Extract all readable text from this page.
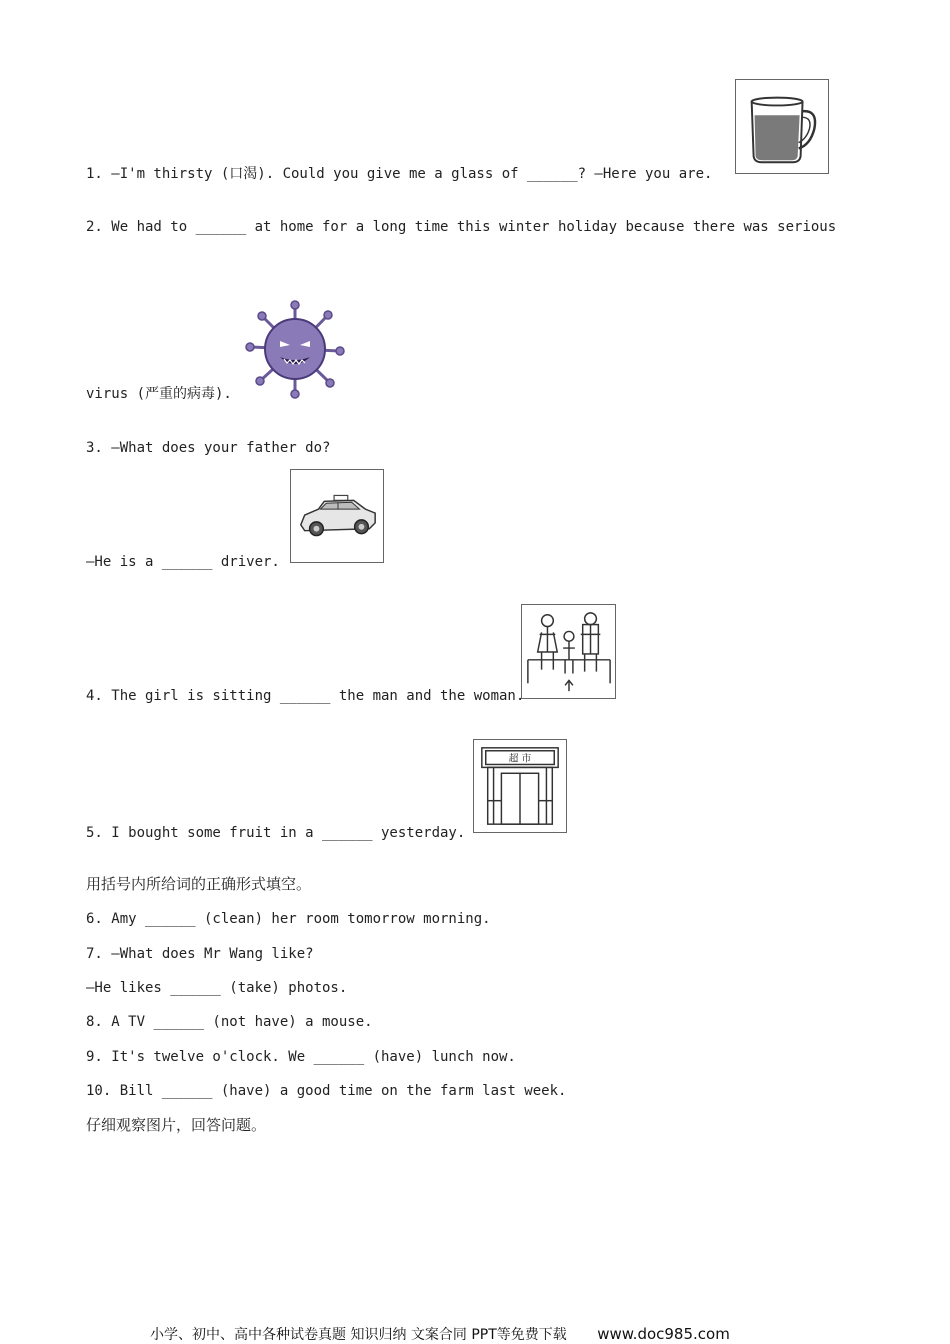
1. —I'm thirsty (口渴). Could you give me a glass of ______? —Here you are.
2. We had to ______ at home for a long time this winter holiday because there was serious
virus (严重的病毒).
3. —What does your father do?
—He is a ______ driver.
4. The girl is sitting ______ the man and the woman.
超 市
5. I bought some fruit in a ______ yesterday.
用括号内所给词的正确形式填空。
6. Amy ______ (clean) her room tomorrow morning.
7. —What does Mr Wang like?
—He likes ______ (take) photos.
8. A TV ______ (not have) a mouse.
9. It's twelve o'clock. We ______ (have) lunch now.
10. Bill ______ (have) a good time on the farm last week.
仔细观察图片，回答问题。
小学、初中、高中各种试卷真题 知识归纳 文案合同 PPT等免费下载 www.doc985.com
